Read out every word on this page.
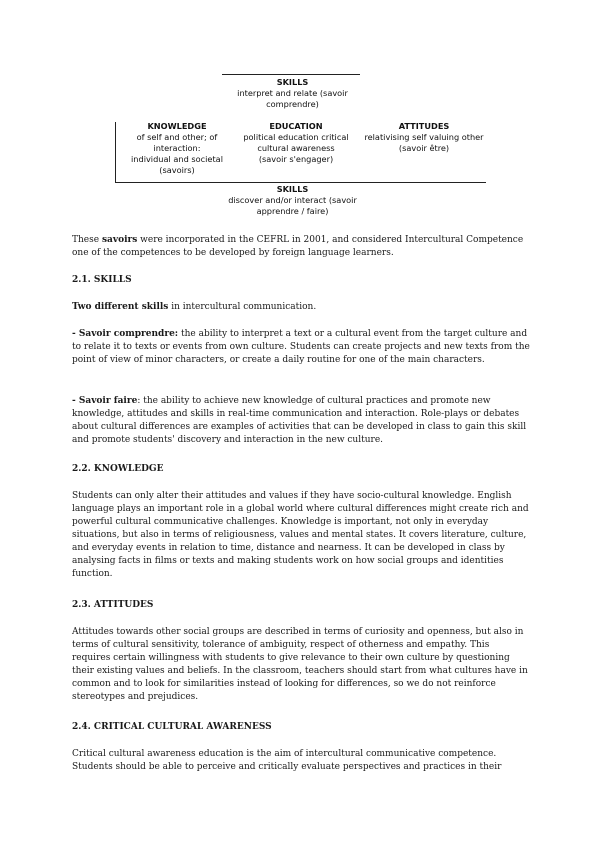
SKILLS
interpret and relate (savoir
comprendre)
KNOWLEDGE
of self and other; of
interaction:
individual and societal
(savoirs)
EDUCATION
political education critical
cultural awareness
(savoir s'engager)
ATTITUDES
relativising self valuing other
(savoir être)
SKILLS
discover and/or interact (savoir
apprendre / faire)

These savoirs were incorporated in the CEFRL in 2001, and considered Intercultural Competence one of the competences to be developed by foreign language learners.

2.1. SKILLS

Two different skills in intercultural communication.

- Savoir comprendre: the ability to interpret a text or a cultural event from the target culture and to relate it to texts or events from own culture. Students can create projects and new texts from the point of view of minor characters, or create a daily routine for one of the main characters.

- Savoir faire: the ability to achieve new knowledge of cultural practices and promote new knowledge, attitudes and skills in real-time communication and interaction. Role-plays or debates about cultural differences are examples of activities that can be developed in class to gain this skill and promote students' discovery and interaction in the new culture.

2.2. KNOWLEDGE

Students can only alter their attitudes and values if they have socio-cultural knowledge. English language plays an important role in a global world where cultural differences might create rich and powerful cultural communicative challenges. Knowledge is important, not only in everyday situations, but also in terms of religiousness, values and mental states. It covers literature, culture, and everyday events in relation to time, distance and nearness. It can be developed in class by analysing facts in films or texts and making students work on how social groups and identities function.

2.3. ATTITUDES

Attitudes towards other social groups are described in terms of curiosity and openness, but also in terms of cultural sensitivity, tolerance of ambiguity, respect of otherness and empathy. This requires certain willingness with students to give relevance to their own culture by questioning their existing values and beliefs. In the classroom, teachers should start from what cultures have in common and to look for similarities instead of looking for differences, so we do not reinforce stereotypes and prejudices.

2.4. CRITICAL CULTURAL AWARENESS

Critical cultural awareness education is the aim of intercultural communicative competence. Students should be able to perceive and critically evaluate perspectives and practices in their
